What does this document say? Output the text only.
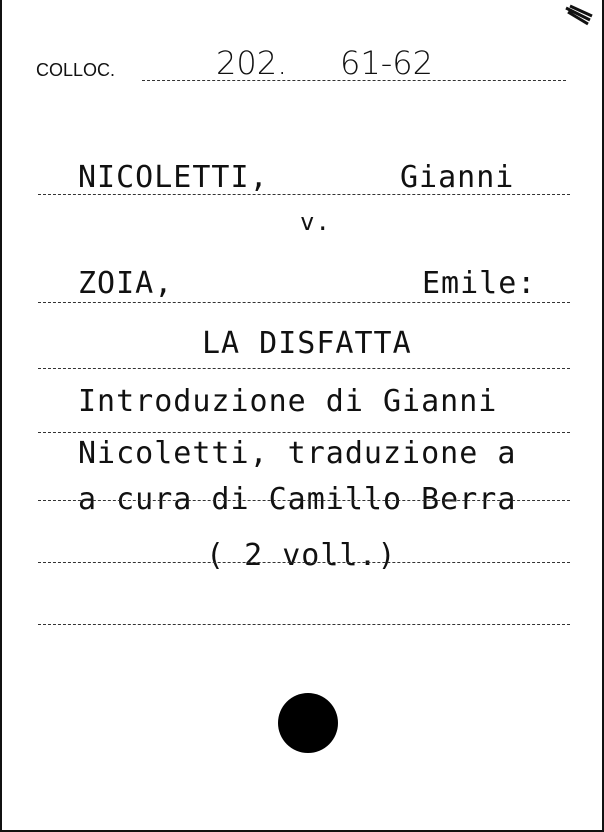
COLLOC.	202. 61-62
NICOLETTI,	Gianni
v.
ZOIA,	Emile:
LA DISFATTA
Introduzione di Gianni
Nicoletti, traduzione a
a cura di Camillo Berra
( 2 voll.)
